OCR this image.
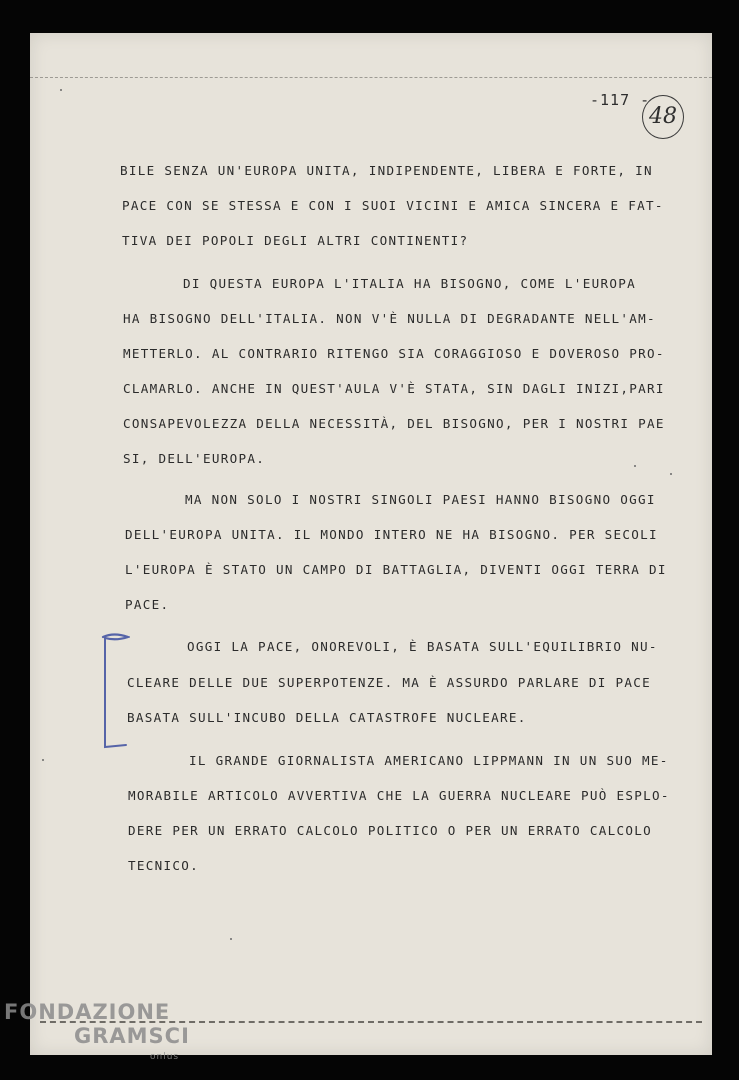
-117 -
48
BILE SENZA UN'EUROPA UNITA, INDIPENDENTE, LIBERA E FORTE, IN
PACE CON SE STESSA E CON I SUOI VICINI E AMICA SINCERA E FAT-
TIVA DEI POPOLI DEGLI ALTRI CONTINENTI?
DI QUESTA EUROPA L'ITALIA HA BISOGNO, COME L'EUROPA
HA BISOGNO DELL'ITALIA. NON V'È NULLA DI DEGRADANTE NELL'AM-
METTERLO. AL CONTRARIO RITENGO SIA CORAGGIOSO E DOVEROSO PRO-
CLAMARLO. ANCHE IN QUEST'AULA V'È STATA, SIN DAGLI INIZI,PARI
CONSAPEVOLEZZA DELLA NECESSITÀ, DEL BISOGNO, PER I NOSTRI PAE
SI, DELL'EUROPA.
MA NON SOLO I NOSTRI SINGOLI PAESI HANNO BISOGNO OGGI
DELL'EUROPA UNITA. IL MONDO INTERO NE HA BISOGNO. PER SECOLI
L'EUROPA È STATO UN CAMPO DI BATTAGLIA, DIVENTI OGGI TERRA DI
PACE.
OGGI LA PACE, ONOREVOLI, È BASATA SULL'EQUILIBRIO NU-
CLEARE DELLE DUE SUPERPOTENZE. MA È ASSURDO PARLARE DI PACE
BASATA SULL'INCUBO DELLA CATASTROFE NUCLEARE.
IL GRANDE GIORNALISTA AMERICANO LIPPMANN IN UN SUO ME-
MORABILE ARTICOLO AVVERTIVA CHE LA GUERRA NUCLEARE PUÒ ESPLO-
DERE PER UN ERRATO CALCOLO POLITICO O PER UN ERRATO CALCOLO
TECNICO.
FONDAZIONE
GRAMSCI
onlus
